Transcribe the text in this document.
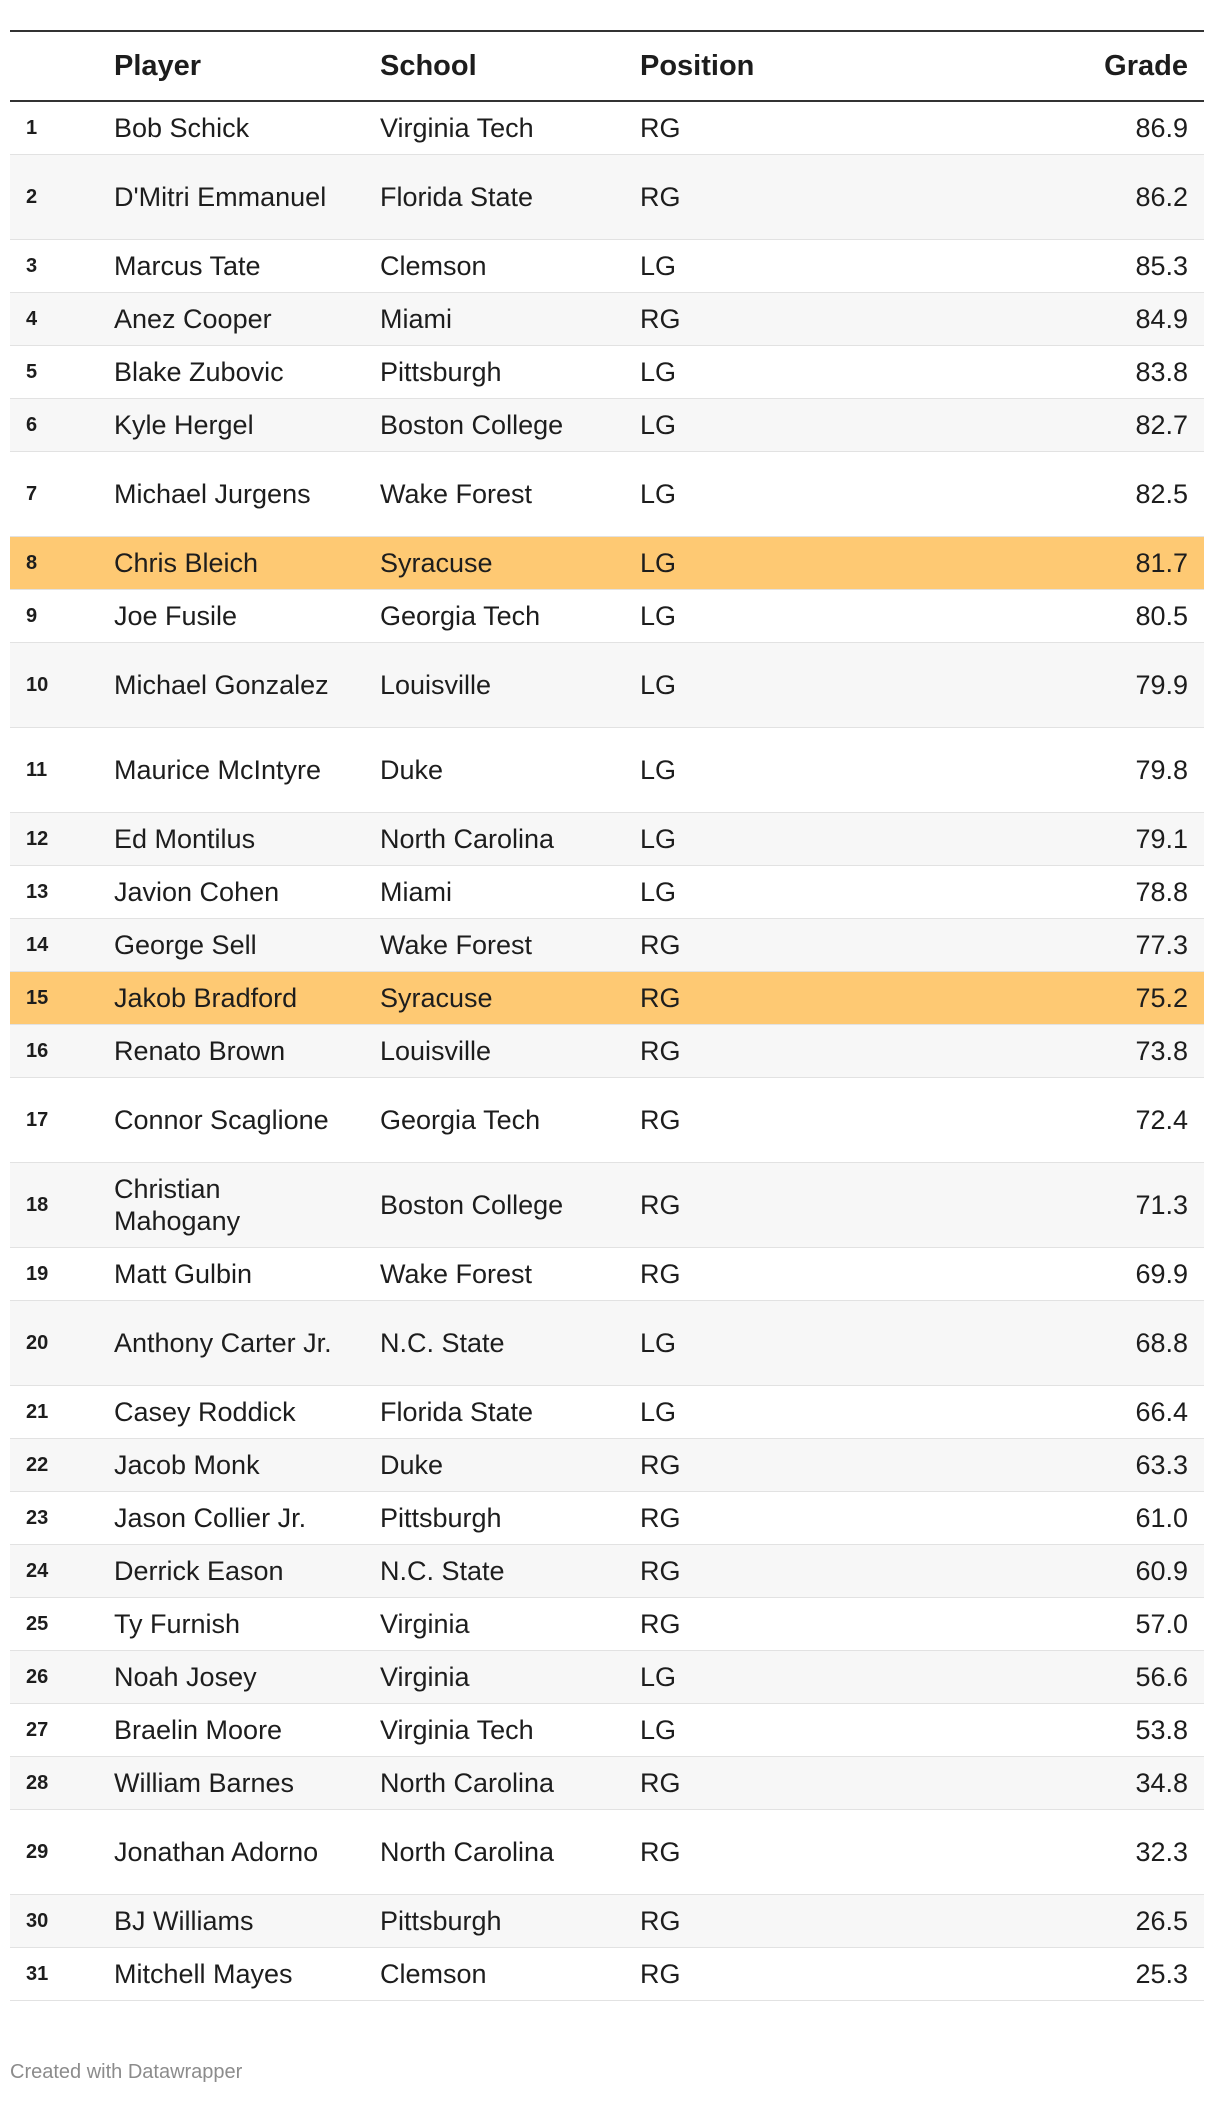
	Player	School	Position	Grade
1	Bob Schick	Virginia Tech	RG	86.9
2	D'Mitri Emmanuel	Florida State	RG	86.2
3	Marcus Tate	Clemson	LG	85.3
4	Anez Cooper	Miami	RG	84.9
5	Blake Zubovic	Pittsburgh	LG	83.8
6	Kyle Hergel	Boston College	LG	82.7
7	Michael Jurgens	Wake Forest	LG	82.5
8	Chris Bleich	Syracuse	LG	81.7
9	Joe Fusile	Georgia Tech	LG	80.5
10	Michael Gonzalez	Louisville	LG	79.9
11	Maurice McIntyre	Duke	LG	79.8
12	Ed Montilus	North Carolina	LG	79.1
13	Javion Cohen	Miami	LG	78.8
14	George Sell	Wake Forest	RG	77.3
15	Jakob Bradford	Syracuse	RG	75.2
16	Renato Brown	Louisville	RG	73.8
17	Connor Scaglione	Georgia Tech	RG	72.4
18	Christian Mahogany	Boston College	RG	71.3
19	Matt Gulbin	Wake Forest	RG	69.9
20	Anthony Carter Jr.	N.C. State	LG	68.8
21	Casey Roddick	Florida State	LG	66.4
22	Jacob Monk	Duke	RG	63.3
23	Jason Collier Jr.	Pittsburgh	RG	61.0
24	Derrick Eason	N.C. State	RG	60.9
25	Ty Furnish	Virginia	RG	57.0
26	Noah Josey	Virginia	LG	56.6
27	Braelin Moore	Virginia Tech	LG	53.8
28	William Barnes	North Carolina	RG	34.8
29	Jonathan Adorno	North Carolina	RG	32.3
30	BJ Williams	Pittsburgh	RG	26.5
31	Mitchell Mayes	Clemson	RG	25.3
Created with Datawrapper
